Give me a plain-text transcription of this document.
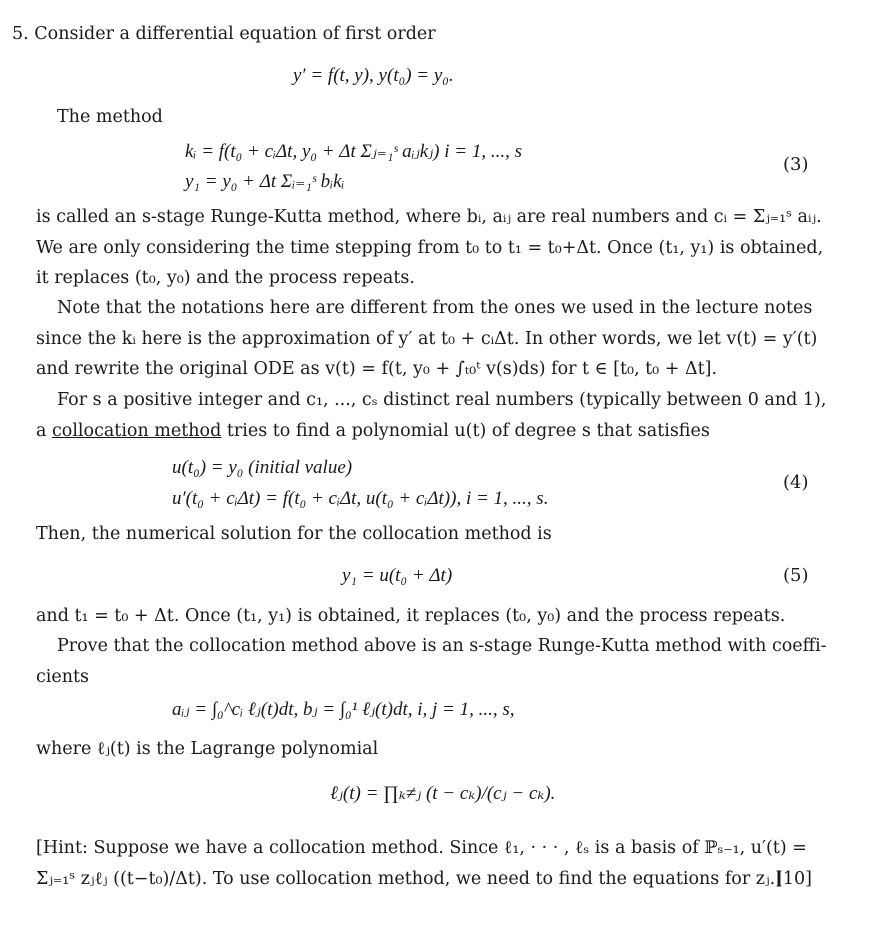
5. Consider a differential equation of first order
y′ = f(t, y), y(t₀) = y₀.
The method
kᵢ = f(t₀ + cᵢΔt, y₀ + Δt Σⱼ₌₁ˢ aᵢⱼkⱼ) i = 1, ..., s
y₁ = y₀ + Δt Σᵢ₌₁ˢ bᵢkᵢ
(3)
is called an s-stage Runge-Kutta method, where bᵢ, aᵢⱼ are real numbers and cᵢ = Σⱼ₌₁ˢ aᵢⱼ.
We are only considering the time stepping from t₀ to t₁ = t₀+Δt. Once (t₁, y₁) is obtained,
it replaces (t₀, y₀) and the process repeats.
Note that the notations here are different from the ones we used in the lecture notes
since the kᵢ here is the approximation of y′ at t₀ + cᵢΔt. In other words, we let v(t) = y′(t)
and rewrite the original ODE as v(t) = f(t, y₀ + ∫ₜ₀ᵗ v(s)ds) for t ∈ [t₀, t₀ + Δt].
For s a positive integer and c₁, ..., cₛ distinct real numbers (typically between 0 and 1),
a collocation method tries to find a polynomial u(t) of degree s that satisfies
u(t₀) = y₀ (initial value)
u′(t₀ + cᵢΔt) = f(t₀ + cᵢΔt, u(t₀ + cᵢΔt)), i = 1, ..., s.
(4)
Then, the numerical solution for the collocation method is
y₁ = u(t₀ + Δt)	(5)
and t₁ = t₀ + Δt. Once (t₁, y₁) is obtained, it replaces (t₀, y₀) and the process repeats.
Prove that the collocation method above is an s-stage Runge-Kutta method with coeffi-
cients
aᵢⱼ = ∫₀^cᵢ ℓⱼ(t)dt, bⱼ = ∫₀¹ ℓⱼ(t)dt, i, j = 1, ..., s,
where ℓⱼ(t) is the Lagrange polynomial
ℓⱼ(t) = ∏ₖ≠ⱼ (t − cₖ)/(cⱼ − cₖ).
[Hint: Suppose we have a collocation method. Since ℓ₁, · · · , ℓₛ is a basis of ℙₛ₋₁, u′(t) =
Σⱼ₌₁ˢ zⱼℓⱼ ((t−t₀)/Δt). To use collocation method, we need to find the equations for zⱼ.]
[10]
